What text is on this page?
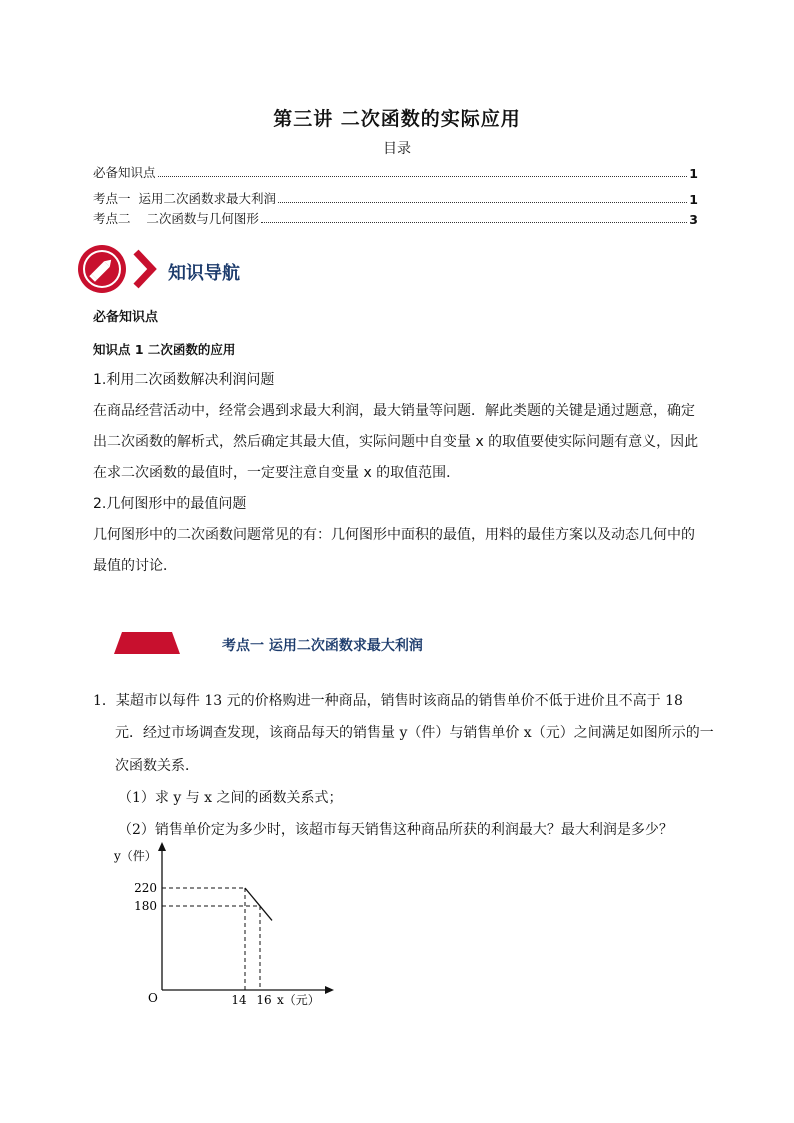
第三讲 二次函数的实际应用
目录
必备知识点	1
考点一  运用二次函数求最大利润	1
考点二    二次函数与几何图形	3
知识导航
必备知识点
知识点 1 二次函数的应用
1.利用二次函数解决利润问题
在商品经营活动中，经常会遇到求最大利润，最大销量等问题．解此类题的关键是通过题意，确定
出二次函数的解析式，然后确定其最大值，实际问题中自变量 x 的取值要使实际问题有意义，因此
在求二次函数的最值时，一定要注意自变量 x 的取值范围．
2.几何图形中的最值问题
几何图形中的二次函数问题常见的有：几何图形中面积的最值，用料的最佳方案以及动态几何中的
最值的讨论．
考点一 运用二次函数求最大利润
1．某超市以每件 13 元的价格购进一种商品，销售时该商品的销售单价不低于进价且不高于 18
元．经过市场调查发现，该商品每天的销售量 y（件）与销售单价 x（元）之间满足如图所示的一
次函数关系．
（1）求 y 与 x 之间的函数关系式；
（2）销售单价定为多少时，该超市每天销售这种商品所获的利润最大？最大利润是多少？
y（件）
x（元）
O
220
180
14 16
